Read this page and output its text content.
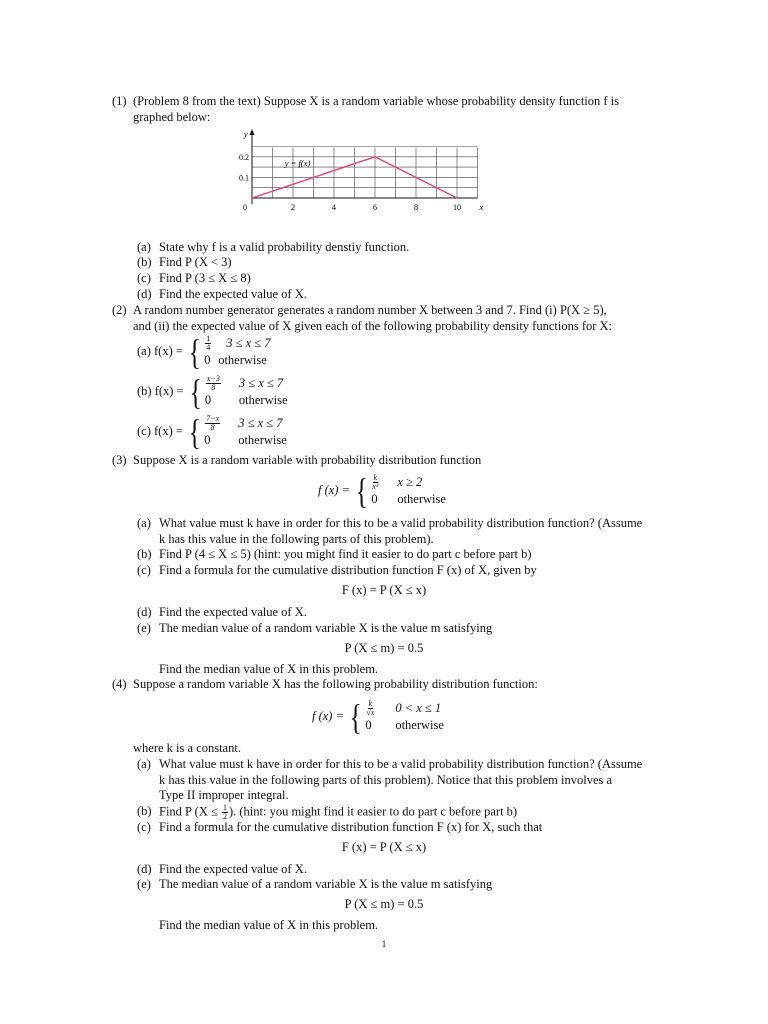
(1) (Problem 8 from the text) Suppose X is a random variable whose probability density function f is
graphed below:
0	2	4	6	8	10
0.1
0.2
y = f(x)
x
y
(a) State why f is a valid probability denstiy function.
(b) Find P (X < 3)
(c) Find P (3 ≤ X ≤ 8)
(d) Find the expected value of X.
(2) A random number generator generates a random number X between 3 and 7. Find (i) P(X ≥ 5),
and (ii) the expected value of X given each of the following probability density functions for X:
(a)
f(x) = { $\frac{1}{4} 3 \le x \le 7$
0 otherwise
(b)
f(x) = { $\frac{x-3}{8} 3 \le x \le 7$
0	otherwise
(c)
f(x) = { $\frac{7-x}{8} 3 \le x \le 7$
0	otherwise
(3) Suppose X is a random variable with probability distribution function
f (x) = { $\frac{k}{\text{x³}}$ x ≥ 2
0	otherwise
(a) What value must k have in order for this to be a valid probability distribution function? (Assume
k has this value in the following parts of this problem).
(b) Find P (4 ≤ X ≤ 5) (hint: you might find it easier to do part c before part b)
(c) Find a formula for the cumulative distribution function F (x) of X, given by
F (x) = P (X ≤ x)
(d) Find the expected value of X.
(e) The median value of a random variable X is the value m satisfying
P (X ≤ m) = 0.5
Find the median value of X in this problem.
(4) Suppose a random variable X has the following probability distribution function:
f (x) = { $\frac{k}{√x} 0 < x \le 1$
0	otherwise
where k is a constant.
(a) What value must k have in order for this to be a valid probability distribution function? (Assume
k has this value in the following parts of this problem). Notice that this problem involves a
Type II improper integral.
(b) Find P ($X \le \frac{1}{2}$ ). (hint: you might find it easier to do part c before part b)
(c) Find a formula for the cumulative distribution function F (x) for X, such that
F (x) = P (X ≤ x)
(d) Find the expected value of X.
(e) The median value of a random variable X is the value m satisfying
P (X ≤ m) = 0.5
Find the median value of X in this problem.
1
